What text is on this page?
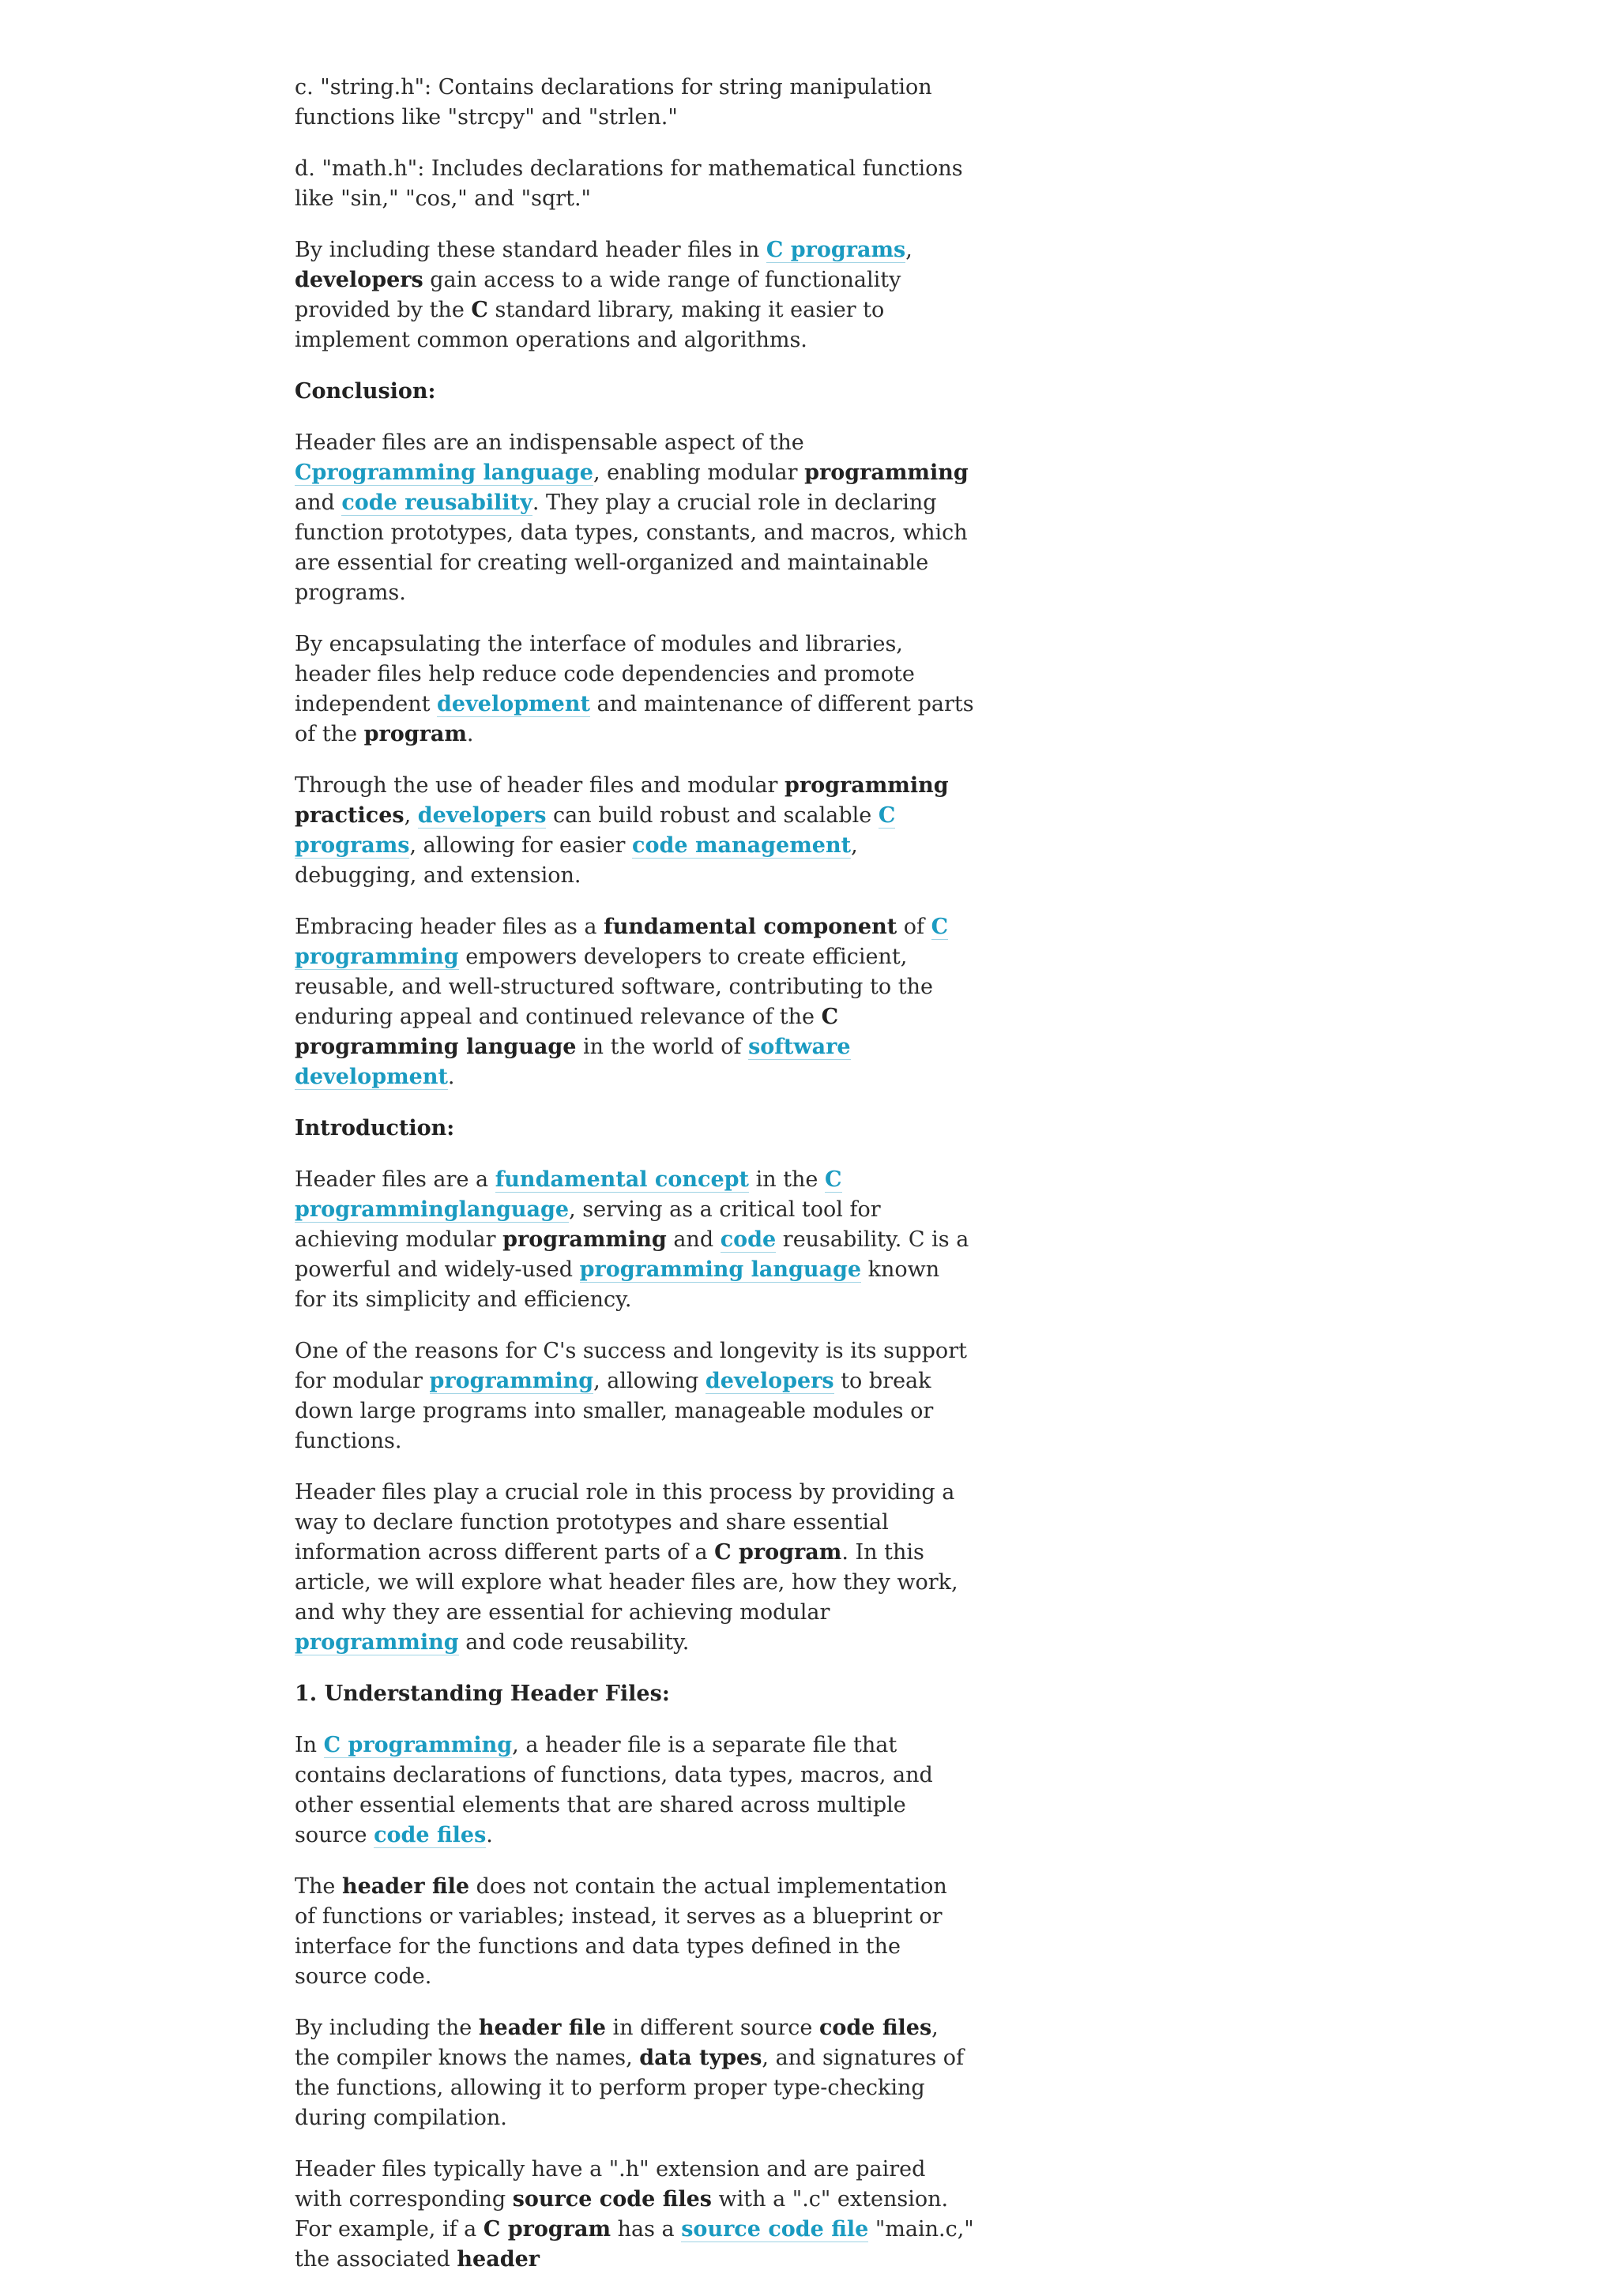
c. "string.h": Contains declarations for string manipulation functions like "strcpy" and "strlen."

d. "math.h": Includes declarations for mathematical functions like "sin," "cos," and "sqrt."

By including these standard header files in C programs, developers gain access to a wide range of functionality provided by the C standard library, making it easier to implement common operations and algorithms.

Conclusion:

Header files are an indispensable aspect of the Cprogramming language, enabling modular programming and code reusability. They play a crucial role in declaring function prototypes, data types, constants, and macros, which are essential for creating well-organized and maintainable programs.

By encapsulating the interface of modules and libraries, header files help reduce code dependencies and promote independent development and maintenance of different parts of the program.

Through the use of header files and modular programming practices, developers can build robust and scalable C programs, allowing for easier code management, debugging, and extension.

Embracing header files as a fundamental component of C programming empowers developers to create efficient, reusable, and well-structured software, contributing to the enduring appeal and continued relevance of the C programming language in the world of software development.

Introduction:

Header files are a fundamental concept in the C programminglanguage, serving as a critical tool for achieving modular programming and code reusability. C is a powerful and widely-used programming language known for its simplicity and efficiency.

One of the reasons for C's success and longevity is its support for modular programming, allowing developers to break down large programs into smaller, manageable modules or functions.

Header files play a crucial role in this process by providing a way to declare function prototypes and share essential information across different parts of a C program. In this article, we will explore what header files are, how they work, and why they are essential for achieving modular programming and code reusability.

1. Understanding Header Files:

In C programming, a header file is a separate file that contains declarations of functions, data types, macros, and other essential elements that are shared across multiple source code files.

The header file does not contain the actual implementation of functions or variables; instead, it serves as a blueprint or interface for the functions and data types defined in the source code.

By including the header file in different source code files, the compiler knows the names, data types, and signatures of the functions, allowing it to perform proper type-checking during compilation.

Header files typically have a ".h" extension and are paired with corresponding source code files with a ".c" extension. For example, if a C program has a source code file "main.c," the associated header
